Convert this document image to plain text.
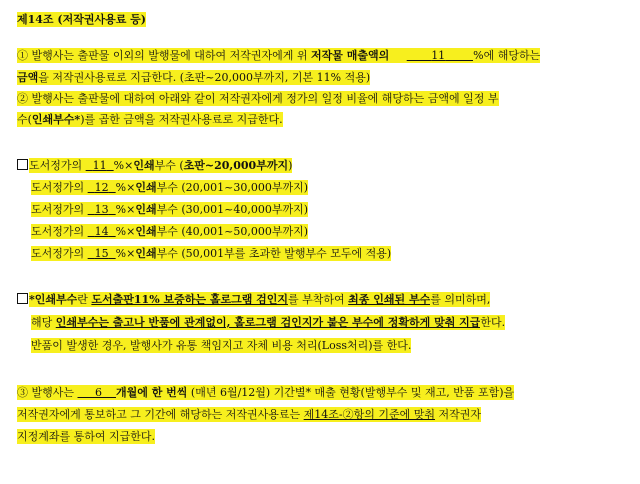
제14조 (저작권사용료 등)
① 발행사는 출판물 이외의 발행물에 대하여 저작권자에게 위 저작물 매출액의	11	%에 해당하는
금액을 저작권사용료로 지급한다. (초판~20,000부까지, 기본 11% 적용)
② 발행사는 출판물에 대하여 아래와 같이 저작권자에게 정가의 일정 비율에 해당하는 금액에 일정 부
수(인쇄부수*)를 곱한 금액을 저작권사용료로 지급한다.
도서정가의   11 %×인쇄부수 (초판~20,000부까지)
도서정가의   12 %×인쇄부수 (20,001~30,000부까지)
도서정가의   13 %×인쇄부수 (30,001~40,000부까지)
도서정가의   14 %×인쇄부수 (40,001~50,000부까지)
도서정가의   15 %×인쇄부수 (50,001부를 초과한 발행부수 모두에 적용)
*인쇄부수란 도서출판11% 보증하는 홀로그램 검인지를 부착하여 최종 인쇄된 부수를 의미하며,
해당 인쇄부수는 출고나 반품에 관계없이, 홀로그램 검인지가 붙은 부수에 정확하게 맞춰 지급한다.
반품이 발생한 경우, 발행사가 유통 책임지고 자체 비용 처리(Loss처리)를 한다.
③ 발행사는      6 개월에 한 번씩 (매년 6월/12월) 기간별* 매출 현황(발행부수 및 재고, 반품 포함)을
저작권자에게 통보하고 그 기간에 해당하는 저작권사용료는 제14조-②항의 기준에 맞춰 저작권자
지정계좌를 통하여 지급한다.
